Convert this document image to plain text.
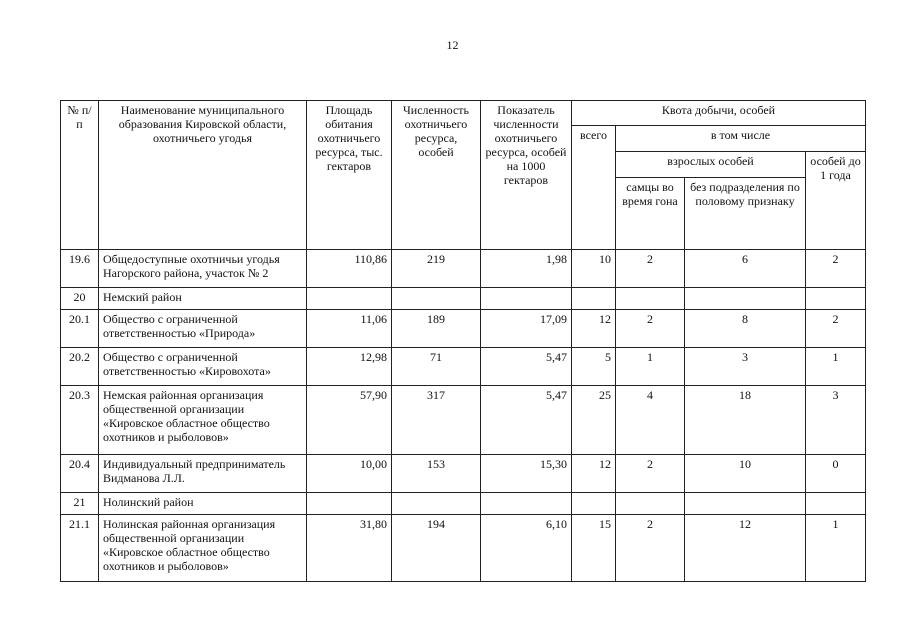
12
№ п/п	Наименование муниципального образования Кировской области, охотничьего угодья	Площадь обитания охотничьего ресурса, тыс. гектаров	Численность охотничьего ресурса, особей	Показатель численности охотничьего ресурса, особей на 1000 гектаров	Квота добычи, особей			
					всего	в том числе		
						взрослых особей		особей до 1 года
						самцы во время гона	без подразделения по половому признаку	
19.6	Общедоступные охотничьи угодья Нагорского района, участок № 2	110,86	219	1,98	10	2	6	2
20	Немский район							
20.1	Общество с ограниченной ответственностью «Природа»	11,06	189	17,09	12	2	8	2
20.2	Общество с ограниченной ответственностью «Кировохота»	12,98	71	5,47	5	1	3	1
20.3	Немская районная организация общественной организации «Кировское областное общество охотников и рыболовов»	57,90	317	5,47	25	4	18	3
20.4	Индивидуальный предприниматель Видманова Л.Л.	10,00	153	15,30	12	2	10	0
21	Нолинский район							
21.1	Нолинская районная организация общественной организации «Кировское областное общество охотников и рыболовов»	31,80	194	6,10	15	2	12	1
